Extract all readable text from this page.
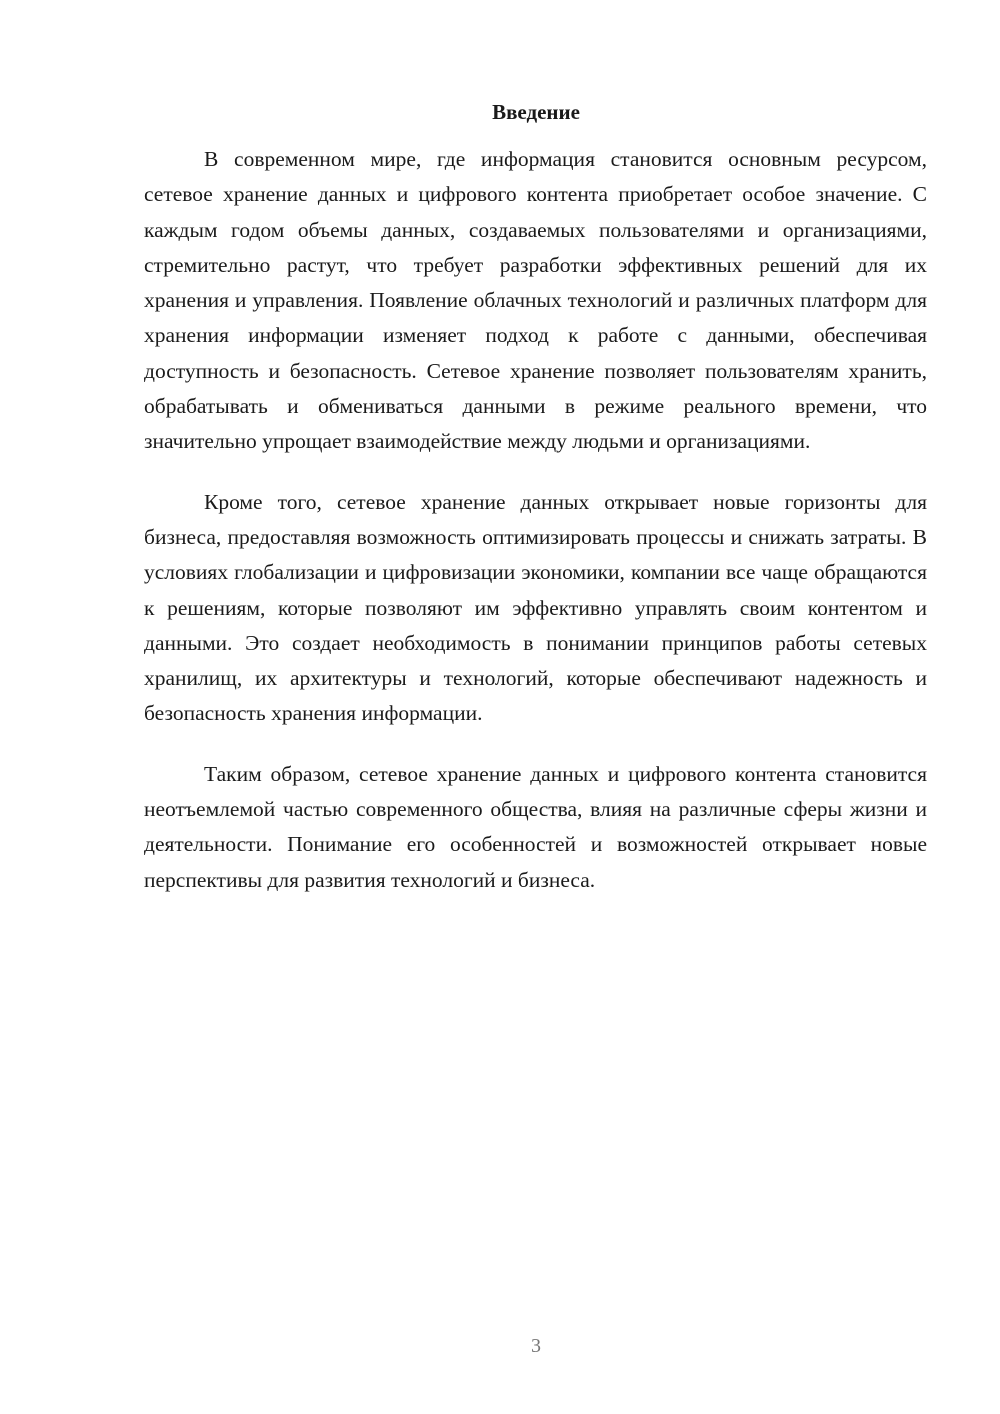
Введение

В современном мире, где информация становится основным ресурсом, сетевое хранение данных и цифрового контента приобретает особое значение. С каждым годом объемы данных, создаваемых пользователями и организациями, стремительно растут, что требует разработки эффективных решений для их хранения и управления. Появление облачных технологий и различных платформ для хранения информации изменяет подход к работе с данными, обеспечивая доступность и безопасность. Сетевое хранение позволяет пользователям хранить, обрабатывать и обмениваться данными в режиме реального времени, что значительно упрощает взаимодействие между людьми и организациями.

Кроме того, сетевое хранение данных открывает новые горизонты для бизнеса, предоставляя возможность оптимизировать процессы и снижать затраты. В условиях глобализации и цифровизации экономики, компании все чаще обращаются к решениям, которые позволяют им эффективно управлять своим контентом и данными. Это создает необходимость в понимании принципов работы сетевых хранилищ, их архитектуры и технологий, которые обеспечивают надежность и безопасность хранения информации.

Таким образом, сетевое хранение данных и цифрового контента становится неотъемлемой частью современного общества, влияя на различные сферы жизни и деятельности. Понимание его особенностей и возможностей открывает новые перспективы для развития технологий и бизнеса.

3
